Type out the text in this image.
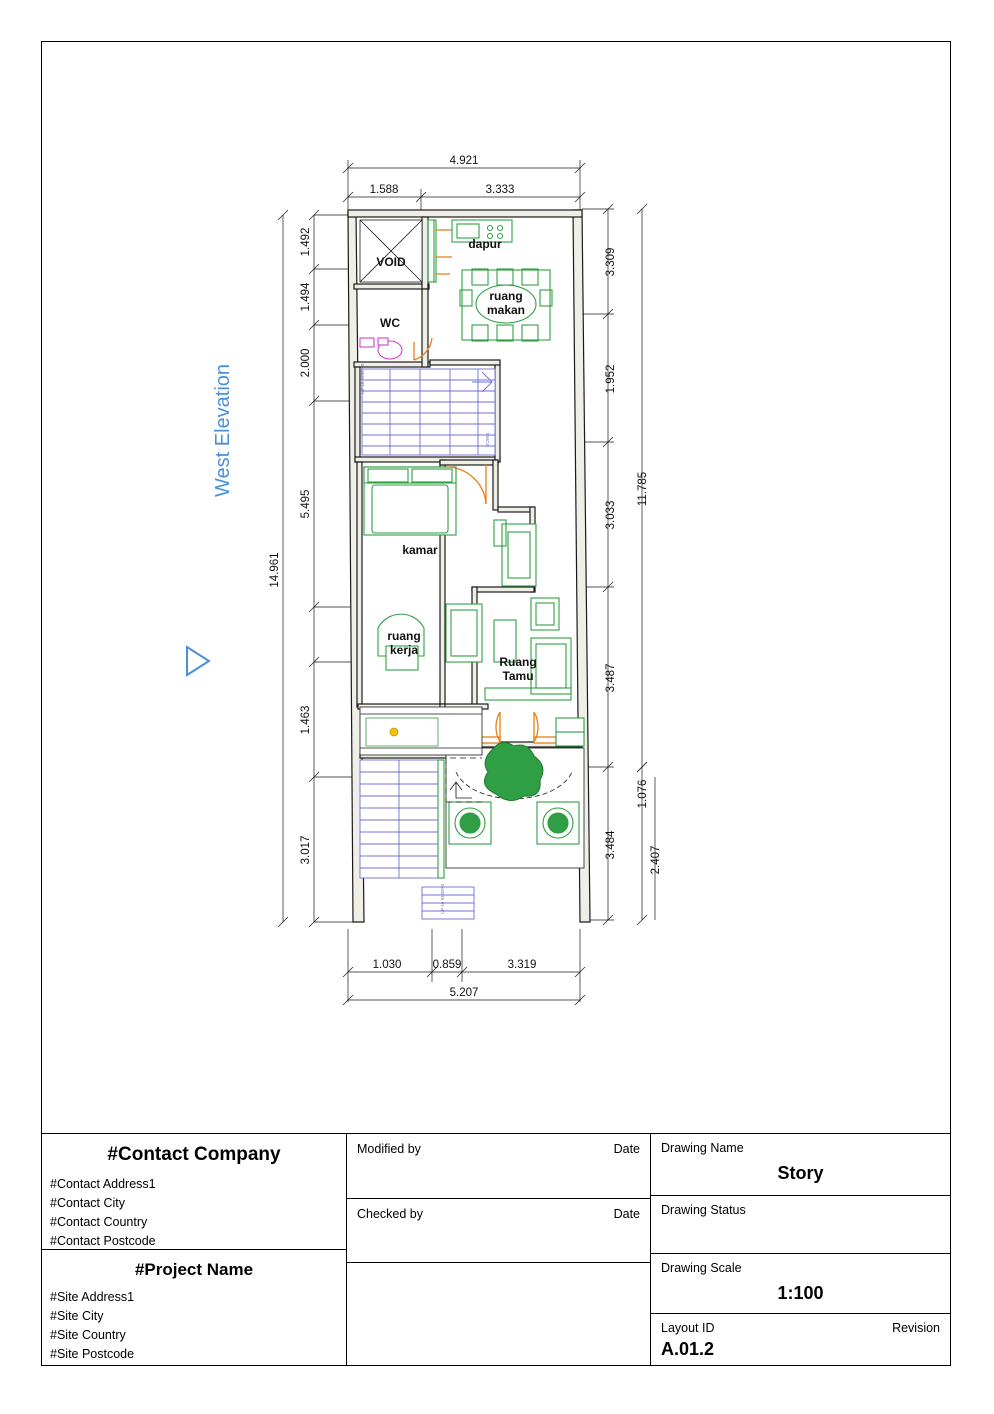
West Elevation
4.921
1.588	3.333
1.492
1.494
2.000
5.495
1.463
3.017
14.961
3.309
1.952
3.033
3.487
3.484
11.785
1.076
2.407
1.030	0.859	3.319
5.207
VOID
dapur
ruang
makan
WC
UP 18 RISERS
DOWN
kamar
ruang
kerja
Ruang
Tamu
UP 16 RISERS
#Contact Company
#Contact Address1
#Contact City
#Contact Country
#Contact Postcode
#Project Name
#Site Address1
#Site City
#Site Country
#Site Postcode
Modified by	Date
Checked by	Date
Drawing Name
Story
Drawing Status
Drawing Scale
1:100
Layout ID	Revision
A.01.2
